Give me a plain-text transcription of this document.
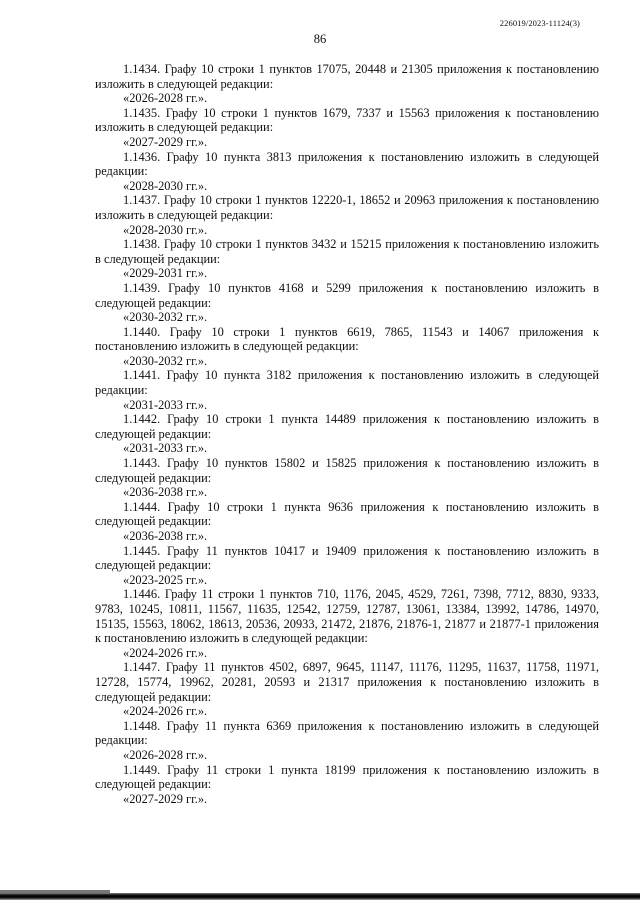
226019/2023-11124(3)
86

1.1434. Графу 10 строки 1 пунктов 17075, 20448 и 21305 приложения к постановлению изложить в следующей редакции:

«2026-2028 гг.».

1.1435. Графу 10 строки 1 пунктов 1679, 7337 и 15563 приложения к постановлению изложить в следующей редакции:

«2027-2029 гг.».

1.1436. Графу 10 пункта 3813 приложения к постановлению изложить в следующей редакции:

«2028-2030 гг.».

1.1437. Графу 10 строки 1 пунктов 12220-1, 18652 и 20963 приложения к постановлению изложить в следующей редакции:

«2028-2030 гг.».

1.1438. Графу 10 строки 1 пунктов 3432 и 15215 приложения к постановлению изложить в следующей редакции:

«2029-2031 гг.».

1.1439. Графу 10 пунктов 4168 и 5299 приложения к постановлению изложить в следующей редакции:

«2030-2032 гг.».

1.1440. Графу 10 строки 1 пунктов 6619, 7865, 11543 и 14067 приложения к постановлению изложить в следующей редакции:

«2030-2032 гг.».

1.1441. Графу 10 пункта 3182 приложения к постановлению изложить в следующей редакции:

«2031-2033 гг.».

1.1442. Графу 10 строки 1 пункта 14489 приложения к постановлению изложить в следующей редакции:

«2031-2033 гг.».

1.1443. Графу 10 пунктов 15802 и 15825 приложения к постановлению изложить в следующей редакции:

«2036-2038 гг.».

1.1444. Графу 10 строки 1 пункта 9636 приложения к постановлению изложить в следующей редакции:

«2036-2038 гг.».

1.1445. Графу 11 пунктов 10417 и 19409 приложения к постановлению изложить в следующей редакции:

«2023-2025 гг.».

1.1446. Графу 11 строки 1 пунктов 710, 1176, 2045, 4529, 7261, 7398, 7712, 8830, 9333, 9783, 10245, 10811, 11567, 11635, 12542, 12759, 12787, 13061, 13384, 13992, 14786, 14970, 15135, 15563, 18062, 18613, 20536, 20933, 21472, 21876, 21876-1, 21877 и 21877-1 приложения к постановлению изложить в следующей редакции:

«2024-2026 гг.».

1.1447. Графу 11 пунктов 4502, 6897, 9645, 11147, 11176, 11295, 11637, 11758, 11971, 12728, 15774, 19962, 20281, 20593 и 21317 приложения к постановлению изложить в следующей редакции:

«2024-2026 гг.».

1.1448. Графу 11 пункта 6369 приложения к постановлению изложить в следующей редакции:

«2026-2028 гг.».

1.1449. Графу 11 строки 1 пункта 18199 приложения к постановлению изложить в следующей редакции:

«2027-2029 гг.».
